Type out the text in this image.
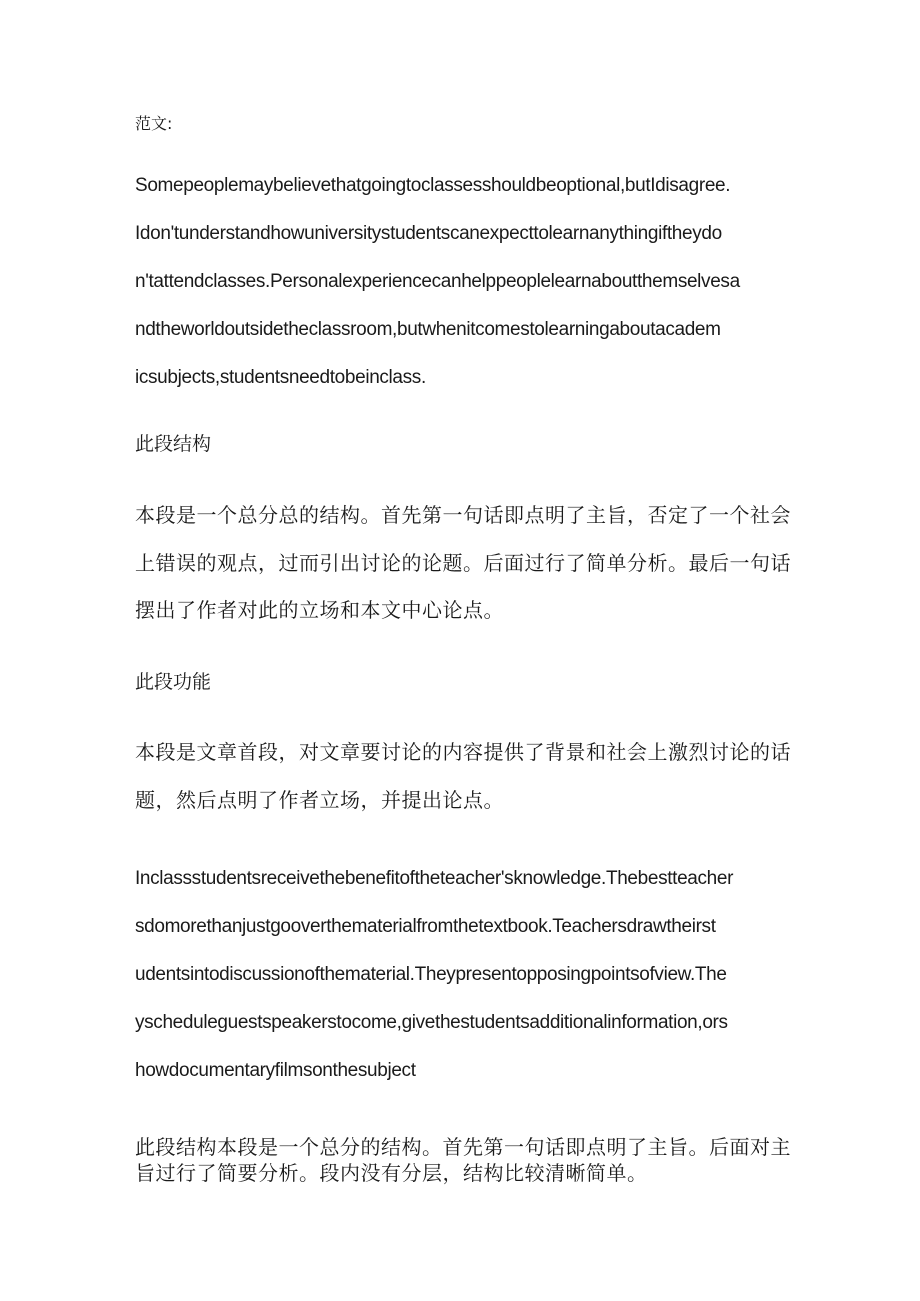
范文:
Somepeoplemaybelievethatgoingtoclassesshouldbeoptional,butIdisagree.
Idon'tunderstandhowuniversitystudentscanexpecttolearnanythingiftheydo
n'tattendclasses.Personalexperiencecanhelppeoplelearnaboutthemselvesa
ndtheworldoutsidetheclassroom,butwhenitcomestolearningaboutacadem
icsubjects,studentsneedtobeinclass.
此段结构
本段是一个总分总的结构。首先第一句话即点明了主旨，否定了一个社会
上错误的观点，过而引出讨论的论题。后面过行了简单分析。最后一句话
摆出了作者对此的立场和本文中心论点。
此段功能
本段是文章首段，对文章要讨论的内容提供了背景和社会上激烈讨论的话
题，然后点明了作者立场，并提出论点。
Inclassstudentsreceivethebenefitoftheteacher'sknowledge.Thebestteacher
sdomorethanjustgooverthematerialfromthetextbook.Teachersdrawtheirst
udentsintodiscussionofthematerial.Theypresentopposingpointsofview.The
yscheduleguestspeakerstocome,givethestudentsadditionalinformation,ors
howdocumentaryfilmsonthesubject
此段结构本段是一个总分的结构。首先第一句话即点明了主旨。后面对主
旨过行了简要分析。段内没有分层，结构比较清晰简单。
